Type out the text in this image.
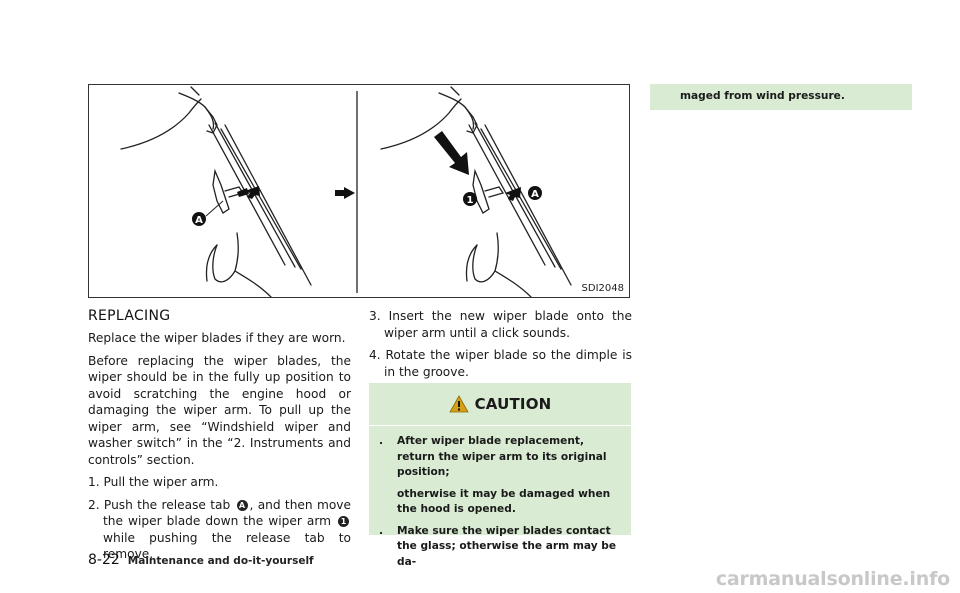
A
1
A
SDI2048
REPLACING

Replace the wiper blades if they are worn.

Before replacing the wiper blades, the wiper should be in the fully up position to avoid scratching the engine hood or damaging the wiper arm. To pull up the wiper arm, see “Windshield wiper and washer switch” in the “2. Instruments and controls” section.

1. Pull the wiper arm.

2. Push the release tab A , and then move the wiper blade down the wiper arm 1 while pushing the release tab to remove.

3. Insert the new wiper blade onto the wiper arm until a click sounds.

4. Rotate the wiper blade so the dimple is in the groove.

CAUTION
. After wiper blade replacement, return the wiper arm to its original position;
otherwise it may be damaged when the hood is opened.
. Make sure the wiper blades contact the glass; otherwise the arm may be da-
maged from wind pressure.
8-22 Maintenance and do-it-yourself
carmanualsonline.info
